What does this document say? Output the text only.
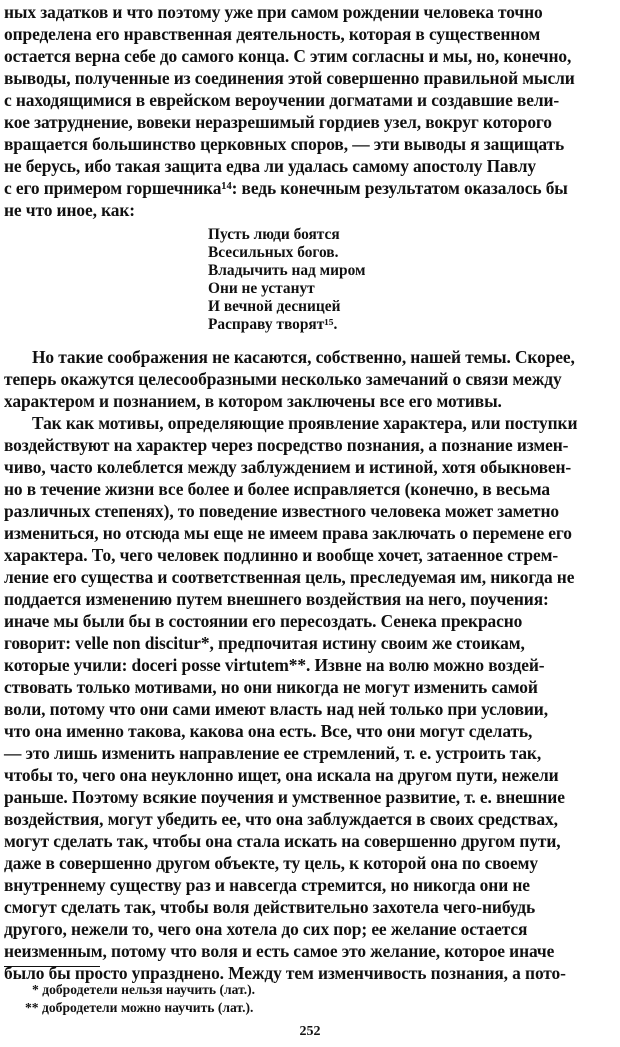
ных задатков и что поэтому уже при самом рождении человека точно
определена его нравственная деятельность, которая в существенном
остается верна себе до самого конца. С этим согласны и мы, но, конечно,
выводы, полученные из соединения этой совершенно правильной мысли
с находящимися в еврейском вероучении догматами и создавшие вели-
кое затруднение, вовеки неразрешимый гордиев узел, вокруг которого
вращается большинство церковных споров, — эти выводы я защищать
не берусь, ибо такая защита едва ли удалась самому апостолу Павлу
с его примером горшечника¹⁴: ведь конечным результатом оказалось бы
не что иное, как:
Пусть люди боятся
Всесильных богов.
Владычить над миром
Они не устанут
И вечной десницей
Расправу творят¹⁵.
Но такие соображения не касаются, собственно, нашей темы. Скорее,
теперь окажутся целесообразными несколько замечаний о связи между
характером и познанием, в котором заключены все его мотивы.
Так как мотивы, определяющие проявление характера, или поступки
воздействуют на характер через посредство познания, а познание измен-
чиво, часто колеблется между заблуждением и истиной, хотя обыкновен-
но в течение жизни все более и более исправляется (конечно, в весьма
различных степенях), то поведение известного человека может заметно
измениться, но отсюда мы еще не имеем права заключать о перемене его
характера. То, чего человек подлинно и вообще хочет, затаенное стрем-
ление его существа и соответственная цель, преследуемая им, никогда не
поддается изменению путем внешнего воздействия на него, поучения:
иначе мы были бы в состоянии его пересоздать. Сенека прекрасно
говорит: velle non discitur*, предпочитая истину своим же стоикам,
которые учили: doceri posse virtutem**. Извне на волю можно воздей-
ствовать только мотивами, но они никогда не могут изменить самой
воли, потому что они сами имеют власть над ней только при условии,
что она именно такова, какова она есть. Все, что они могут сделать,
— это лишь изменить направление ее стремлений, т. е. устроить так,
чтобы то, чего она неуклонно ищет, она искала на другом пути, нежели
раньше. Поэтому всякие поучения и умственное развитие, т. е. внешние
воздействия, могут убедить ее, что она заблуждается в своих средствах,
могут сделать так, чтобы она стала искать на совершенно другом пути,
даже в совершенно другом объекте, ту цель, к которой она по своему
внутреннему существу раз и навсегда стремится, но никогда они не
смогут сделать так, чтобы воля действительно захотела чего-нибудь
другого, нежели то, чего она хотела до сих пор; ее желание остается
неизменным, потому что воля и есть самое это желание, которое иначе
было бы просто упразднено. Между тем изменчивость познания, а пото-
* добродетели нельзя научить (лат.).
** добродетели можно научить (лат.).
252
